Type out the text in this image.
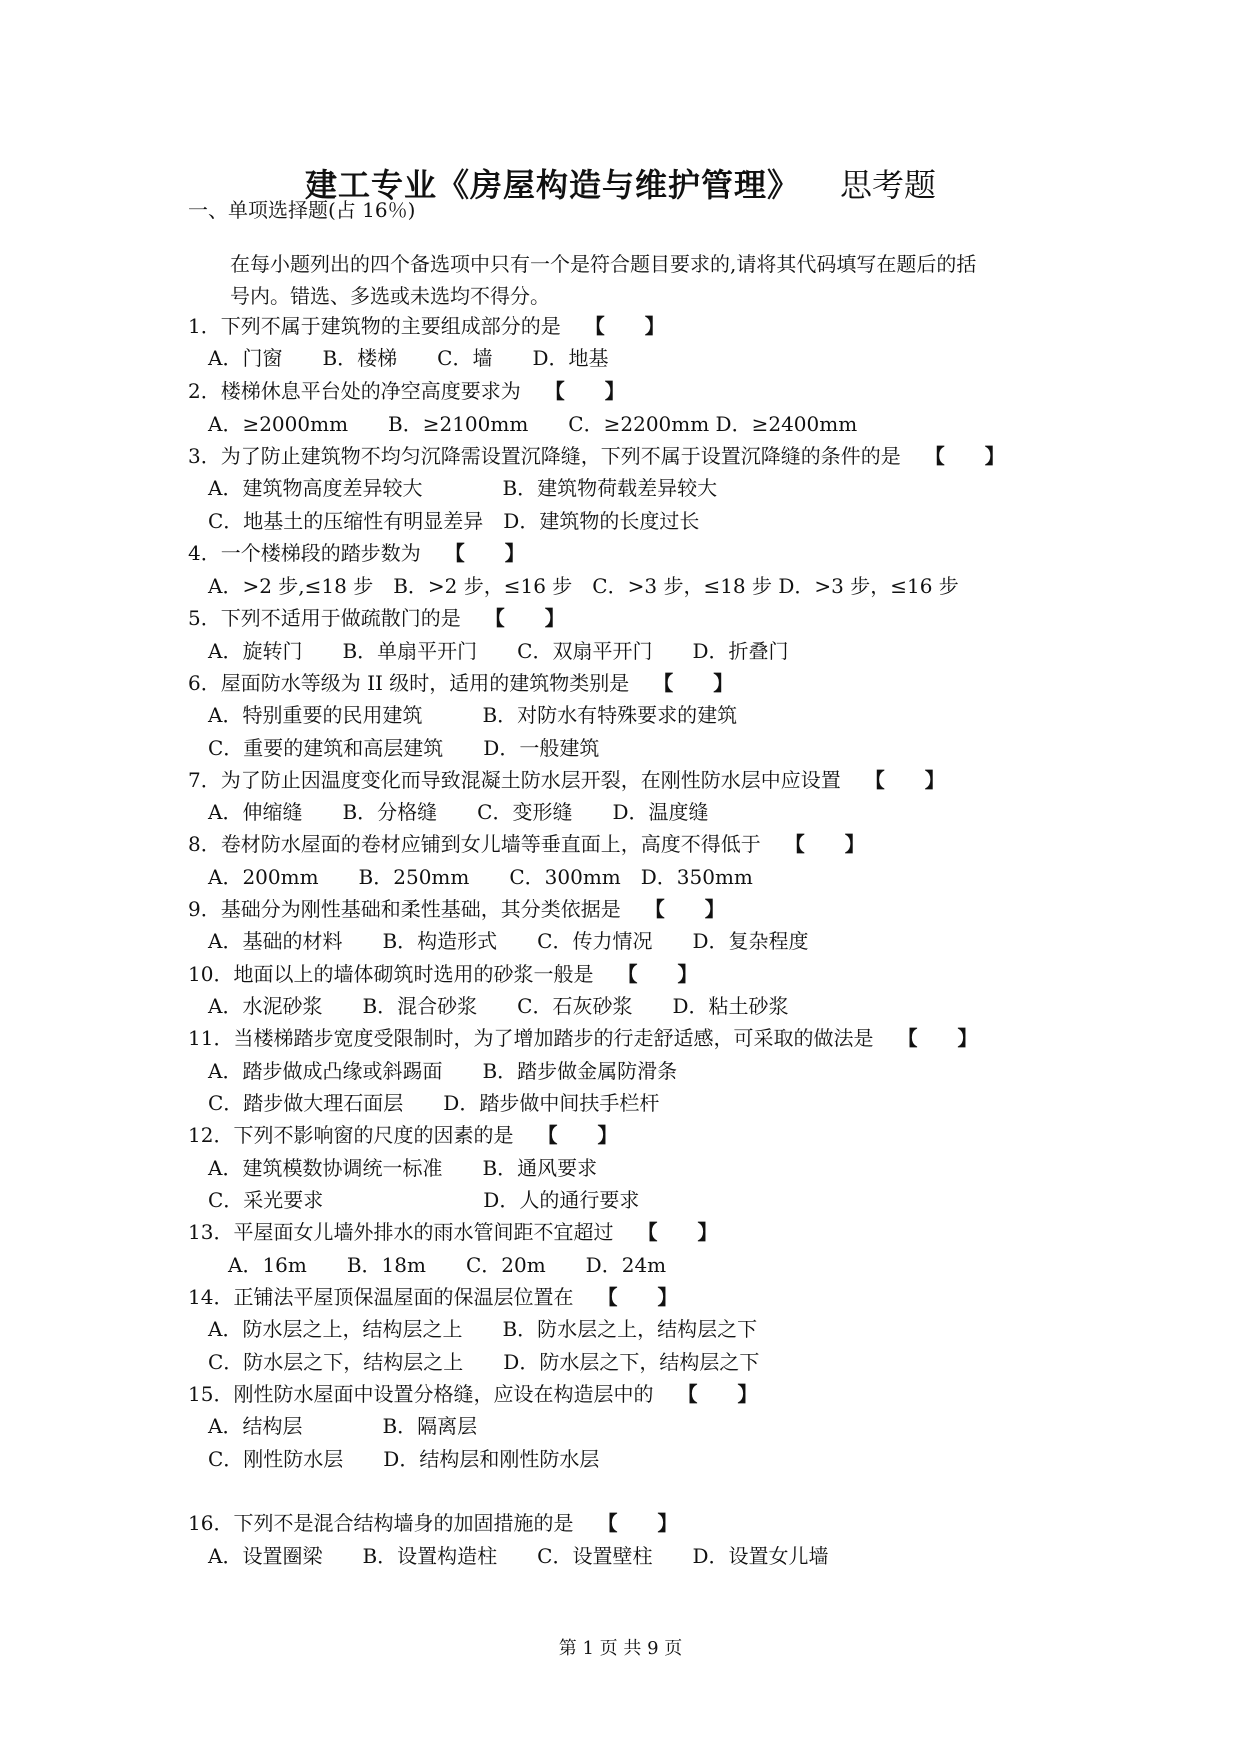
建工专业《房屋构造与维护管理》 思考题
一、单项选择题(占 16％)
在每小题列出的四个备选项中只有一个是符合题目要求的,请将其代码填写在题后的括
号内。错选、多选或未选均不得分。
1．下列不属于建筑物的主要组成部分的是 【　　】
A．门窗　　B．楼梯　　C．墙　　D．地基
2．楼梯休息平台处的净空高度要求为 【　　】
A．≥2000mm　　B．≥2100mm　　C．≥2200mm D．≥2400mm
3．为了防止建筑物不均匀沉降需设置沉降缝，下列不属于设置沉降缝的条件的是 【　　】
A．建筑物高度差异较大　　　　B．建筑物荷载差异较大
C．地基土的压缩性有明显差异　D．建筑物的长度过长
4．一个楼梯段的踏步数为 【　　】
A．>2 步,≤18 步　B．>2 步，≤16 步　C．>3 步，≤18 步 D．>3 步，≤16 步
5．下列不适用于做疏散门的是 【　　】
A．旋转门　　B．单扇平开门　　C．双扇平开门　　D．折叠门
6．屋面防水等级为 II 级时，适用的建筑物类别是 【　　】
A．特别重要的民用建筑　　　B．对防水有特殊要求的建筑
C．重要的建筑和高层建筑　　D．一般建筑
7．为了防止因温度变化而导致混凝土防水层开裂，在刚性防水层中应设置 【　　】
A．伸缩缝　　B．分格缝　　C．变形缝　　D．温度缝
8．卷材防水屋面的卷材应铺到女儿墙等垂直面上，高度不得低于 【　　】
A．200mm　　B．250mm　　C．300mm　D．350mm
9．基础分为刚性基础和柔性基础，其分类依据是 【　　】
A．基础的材料　　B．构造形式　　C．传力情况　　D．复杂程度
10．地面以上的墙体砌筑时选用的砂浆一般是 【　　】
A．水泥砂浆　　B．混合砂浆　　C．石灰砂浆　　D．粘土砂浆
11．当楼梯踏步宽度受限制时，为了增加踏步的行走舒适感，可采取的做法是 【　　】
A．踏步做成凸缘或斜踢面　　B．踏步做金属防滑条
C．踏步做大理石面层　　D．踏步做中间扶手栏杆
12．下列不影响窗的尺度的因素的是 【　　】
A．建筑模数协调统一标准　　B．通风要求
C．采光要求　　　　　　　　D．人的通行要求
13．平屋面女儿墙外排水的雨水管间距不宜超过 【　　】
A．16m　　B．18m　　C．20m　　D．24m
14．正铺法平屋顶保温屋面的保温层位置在 【　　】
A．防水层之上，结构层之上　　B．防水层之上，结构层之下
C．防水层之下，结构层之上　　D．防水层之下，结构层之下
15．刚性防水屋面中设置分格缝，应设在构造层中的 【　　】
A．结构层　　　　B．隔离层
C．刚性防水层　　D．结构层和刚性防水层
16．下列不是混合结构墙身的加固措施的是 【　　】
A．设置圈梁　　B．设置构造柱　　C．设置壁柱　　D．设置女儿墙
第 1 页 共 9 页
